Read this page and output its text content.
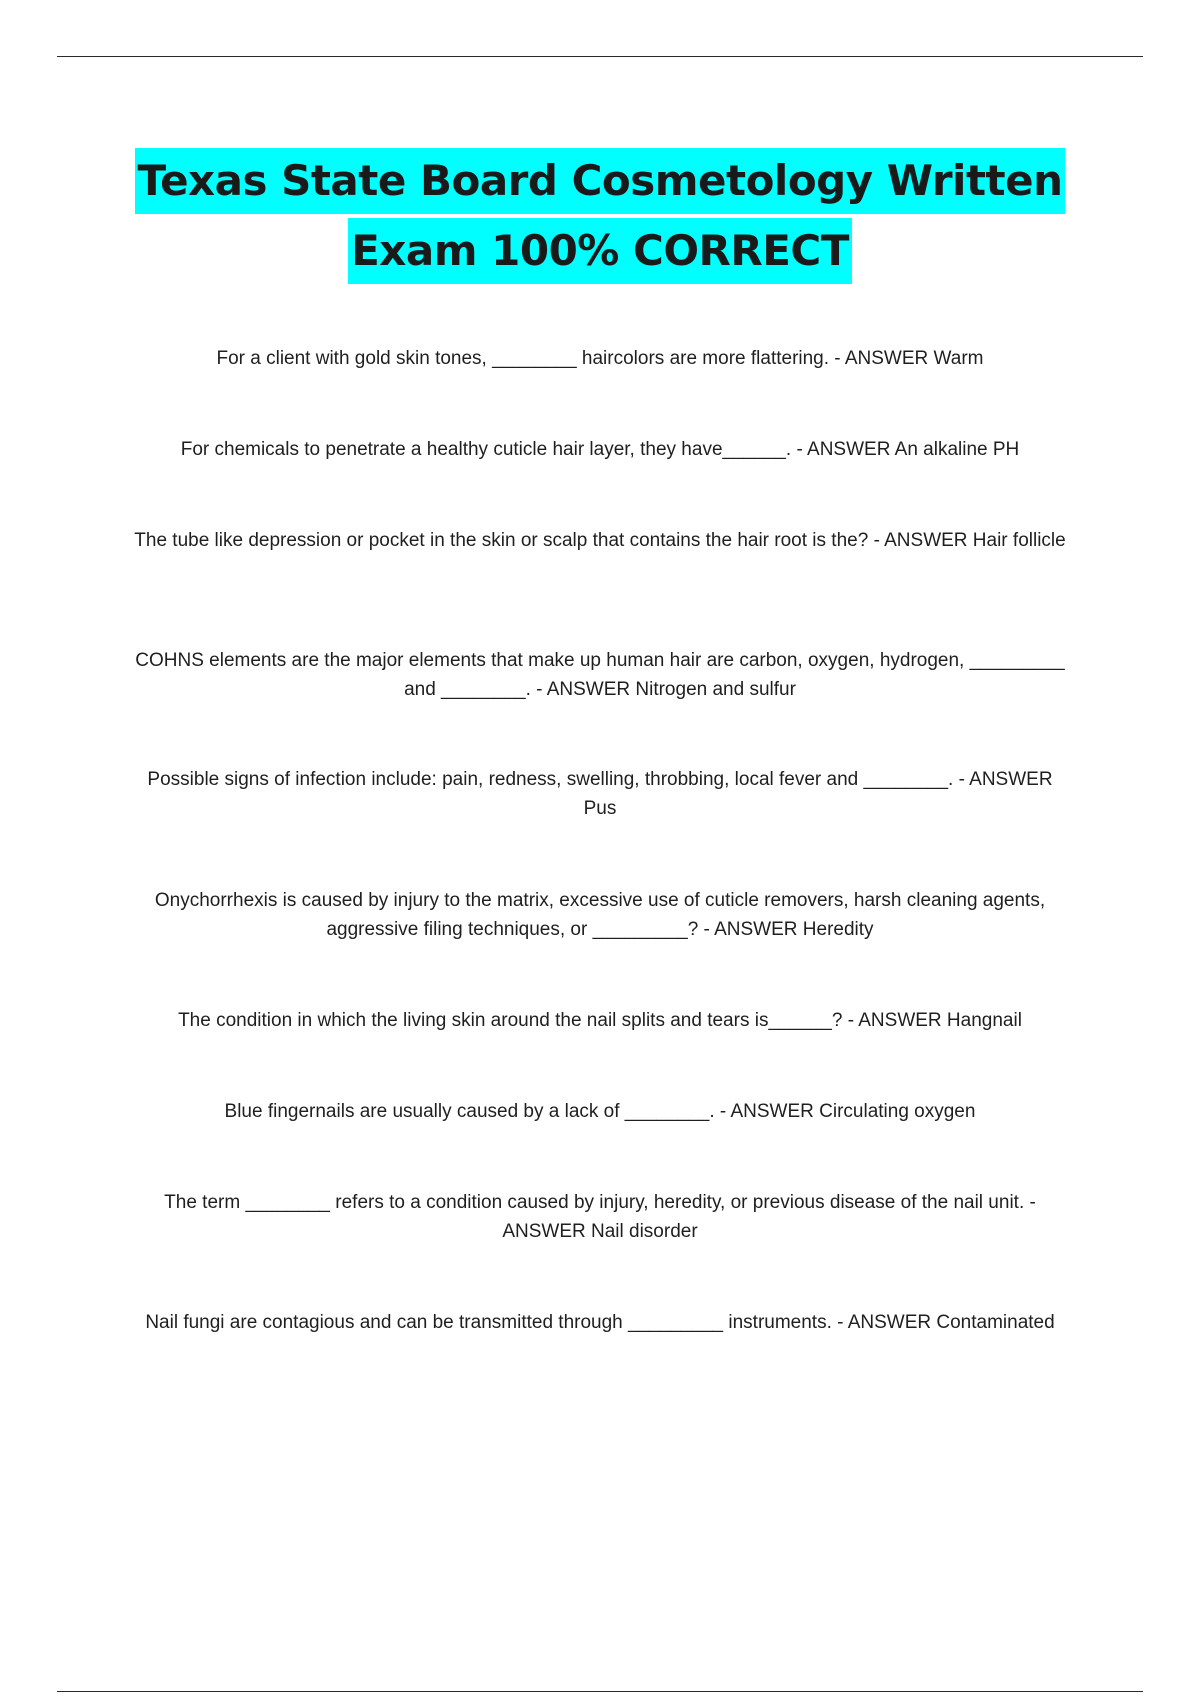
Texas State Board Cosmetology Written
Exam 100% CORRECT
For a client with gold skin tones, ________ haircolors are more flattering. - ANSWER Warm
For chemicals to penetrate a healthy cuticle hair layer, they have______. - ANSWER An alkaline PH
The tube like depression or pocket in the skin or scalp that contains the hair root is the? - ANSWER Hair follicle
COHNS elements are the major elements that make up human hair are carbon, oxygen, hydrogen, _________ and ________. - ANSWER Nitrogen and sulfur
Possible signs of infection include: pain, redness, swelling, throbbing, local fever and ________. - ANSWER Pus
Onychorrhexis is caused by injury to the matrix, excessive use of cuticle removers, harsh cleaning agents, aggressive filing techniques, or _________? - ANSWER Heredity
The condition in which the living skin around the nail splits and tears is______? - ANSWER Hangnail
Blue fingernails are usually caused by a lack of ________. - ANSWER Circulating oxygen
The term ________ refers to a condition caused by injury, heredity, or previous disease of the nail unit. - ANSWER Nail disorder
Nail fungi are contagious and can be transmitted through _________ instruments. - ANSWER Contaminated
